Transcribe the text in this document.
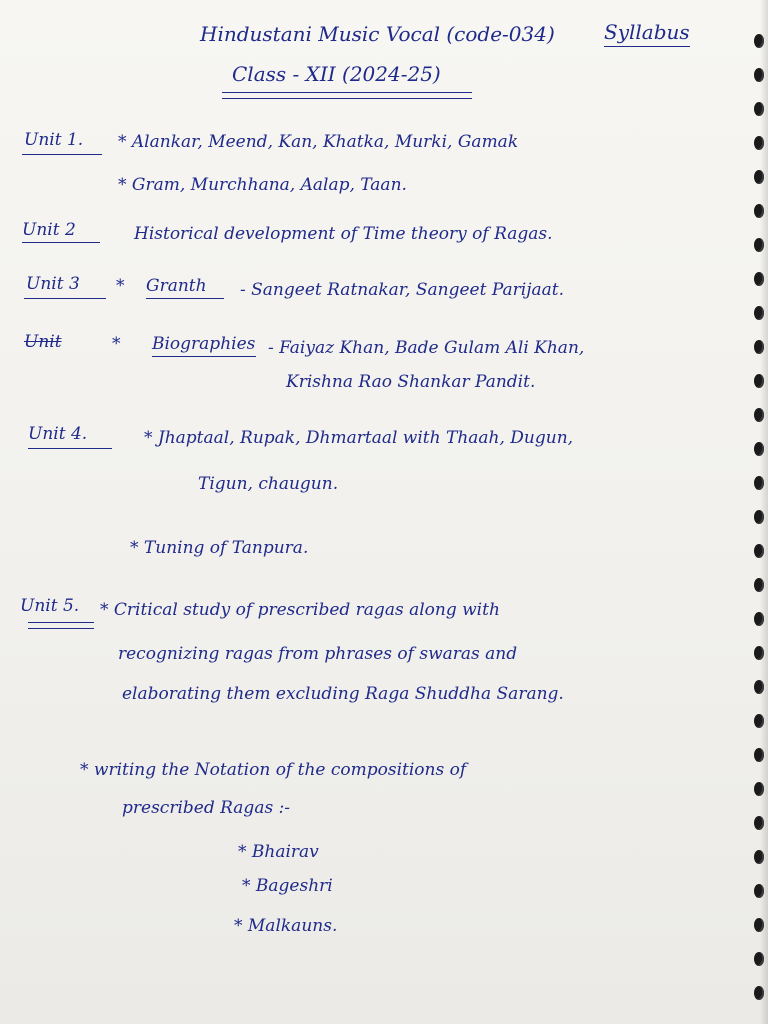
Hindustani Music Vocal (code-034) Syllabus
Class - XII (2024-25)
Unit 1. * Alankar, Meend, Kan, Khatka, Murki, Gamak
* Gram, Murchhana, Aalap, Taan.
Unit 2	Historical development of Time theory of Ragas.
Unit 3 * Granth - Sangeet Ratnakar, Sangeet Parijaat.
Unit	* Biographies - Faiyaz Khan, Bade Gulam Ali Khan,
Krishna Rao Shankar Pandit.
Unit 4.	* Jhaptaal, Rupak, Dhmartaal with Thaah, Dugun,
Tigun, chaugun.
* Tuning of Tanpura.
Unit 5. * Critical study of prescribed ragas along with
recognizing ragas from phrases of swaras and
elaborating them excluding Raga Shuddha Sarang.
* writing the Notation of the compositions of
prescribed Ragas :-
* Bhairav
* Bageshri
* Malkauns.
